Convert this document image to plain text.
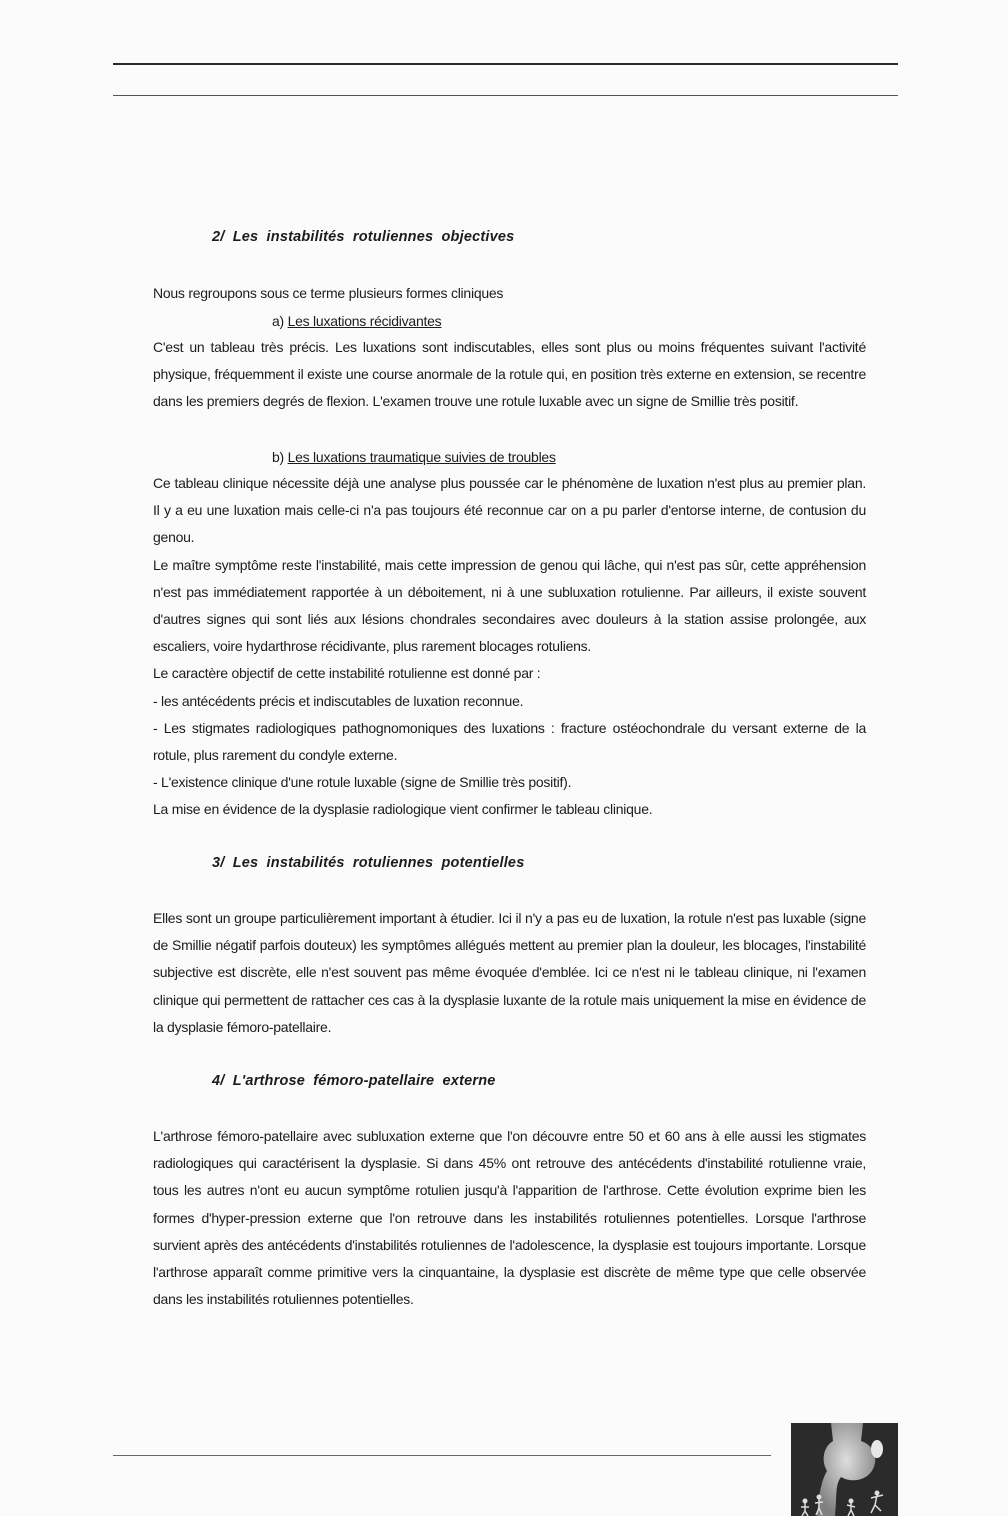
2/ Les instabilités rotuliennes objectives
Nous regroupons sous ce terme plusieurs formes cliniques
a) Les luxations récidivantes
C'est un tableau très précis. Les luxations sont indiscutables, elles sont plus ou moins fréquentes suivant l'activité physique, fréquemment il existe une course anormale de la rotule qui, en position très externe en extension, se recentre dans les premiers degrés de flexion. L'examen trouve une rotule luxable avec un signe de Smillie très positif.
b) Les luxations traumatique suivies de troubles

Ce tableau clinique nécessite déjà une analyse plus poussée car le phénomène de luxation n'est plus au premier plan. Il y a eu une luxation mais celle-ci n'a pas toujours été reconnue car on a pu parler d'entorse interne, de contusion du genou.

Le maître symptôme reste l'instabilité, mais cette impression de genou qui lâche, qui n'est pas sûr, cette appréhension n'est pas immédiatement rapportée à un déboitement, ni à une subluxation rotulienne. Par ailleurs, il existe souvent d'autres signes qui sont liés aux lésions chondrales secondaires avec douleurs à la station assise prolongée, aux escaliers, voire hydarthrose récidivante, plus rarement blocages rotuliens.

Le caractère objectif de cette instabilité rotulienne est donné par :

- les antécédents précis et indiscutables de luxation reconnue.

- Les stigmates radiologiques pathognomoniques des luxations : fracture ostéochondrale du versant externe de la rotule, plus rarement du condyle externe.

- L'existence clinique d'une rotule luxable (signe de Smillie très positif).

La mise en évidence de la dysplasie radiologique vient confirmer le tableau clinique.

3/ Les instabilités rotuliennes potentielles
Elles sont un groupe particulièrement important à étudier. Ici il n'y a pas eu de luxation, la rotule n'est pas luxable (signe de Smillie négatif parfois douteux) les symptômes allégués mettent au premier plan la douleur, les blocages, l'instabilité subjective est discrète, elle n'est souvent pas même évoquée d'emblée. Ici ce n'est ni le tableau clinique, ni l'examen clinique qui permettent de rattacher ces cas à la dysplasie luxante de la rotule mais uniquement la mise en évidence de la dysplasie fémoro-patellaire.
4/ L'arthrose fémoro-patellaire externe
L'arthrose fémoro-patellaire avec subluxation externe que l'on découvre entre 50 et 60 ans à elle aussi les stigmates radiologiques qui caractérisent la dysplasie. Si dans 45% ont retrouve des antécédents d'instabilité rotulienne vraie, tous les autres n'ont eu aucun symptôme rotulien jusqu'à l'apparition de l'arthrose. Cette évolution exprime bien les formes d'hyper-pression externe que l'on retrouve dans les instabilités rotuliennes potentielles. Lorsque l'arthrose survient après des antécédents d'instabilités rotuliennes de l'adolescence, la dysplasie est toujours importante. Lorsque l'arthrose apparaît comme primitive vers la cinquantaine, la dysplasie est discrète de même type que celle observée dans les instabilités rotuliennes potentielles.
